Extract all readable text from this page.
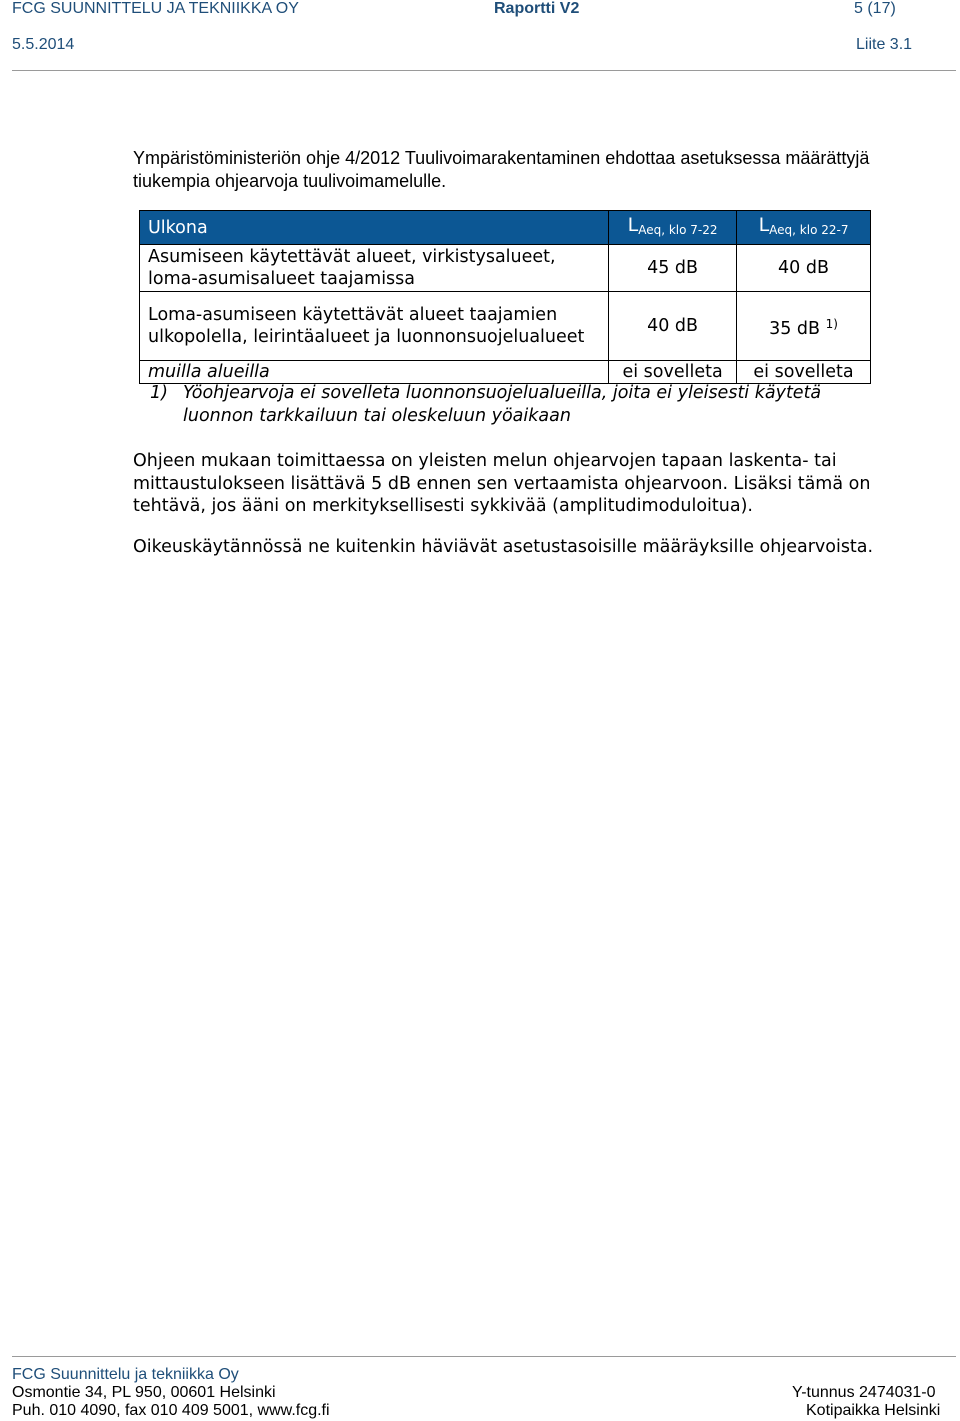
FCG SUUNNITTELU JA TEKNIIKKA OY	Raportti V2	5 (17)
5.5.2014	Liite 3.1
Ympäristöministeriön ohje 4/2012 Tuulivoimarakentaminen ehdottaa asetuksessa määrättyjä tiukempia ohjearvoja tuulivoimamelulle.
Ulkona	$L_{Aeq, klo 7-22}$	$L_{Aeq, klo 22-7}$
Asumiseen käytettävät alueet, virkistysalueet, loma-asumisalueet taajamissa	45 dB	40 dB
Loma-asumiseen käytettävät alueet taajamien ulkopolella, leirintäalueet ja luonnonsuojelualueet	40 dB	35 dB $^{1)}$
muilla alueilla	ei sovelleta	ei sovelleta
1) Yöohjearvoja ei sovelleta luonnonsuojelualueilla, joita ei yleisesti käytetä luonnon tarkkailuun tai oleskeluun yöaikaan
Ohjeen mukaan toimittaessa on yleisten melun ohjearvojen tapaan laskenta- tai mittaustulokseen lisättävä 5 dB ennen sen vertaamista ohjearvoon. Lisäksi tämä on tehtävä, jos ääni on merkityksellisesti sykkivää (amplitudimoduloitua).
Oikeuskäytännössä ne kuitenkin häviävät asetustasoisille määräyksille ohjearvoista.
FCG Suunnittelu ja tekniikka Oy
Osmontie 34, PL 950, 00601 Helsinki
Puh. 010 4090, fax 010 409 5001, www.fcg.fi
Y-tunnus 2474031-0
Kotipaikka Helsinki
